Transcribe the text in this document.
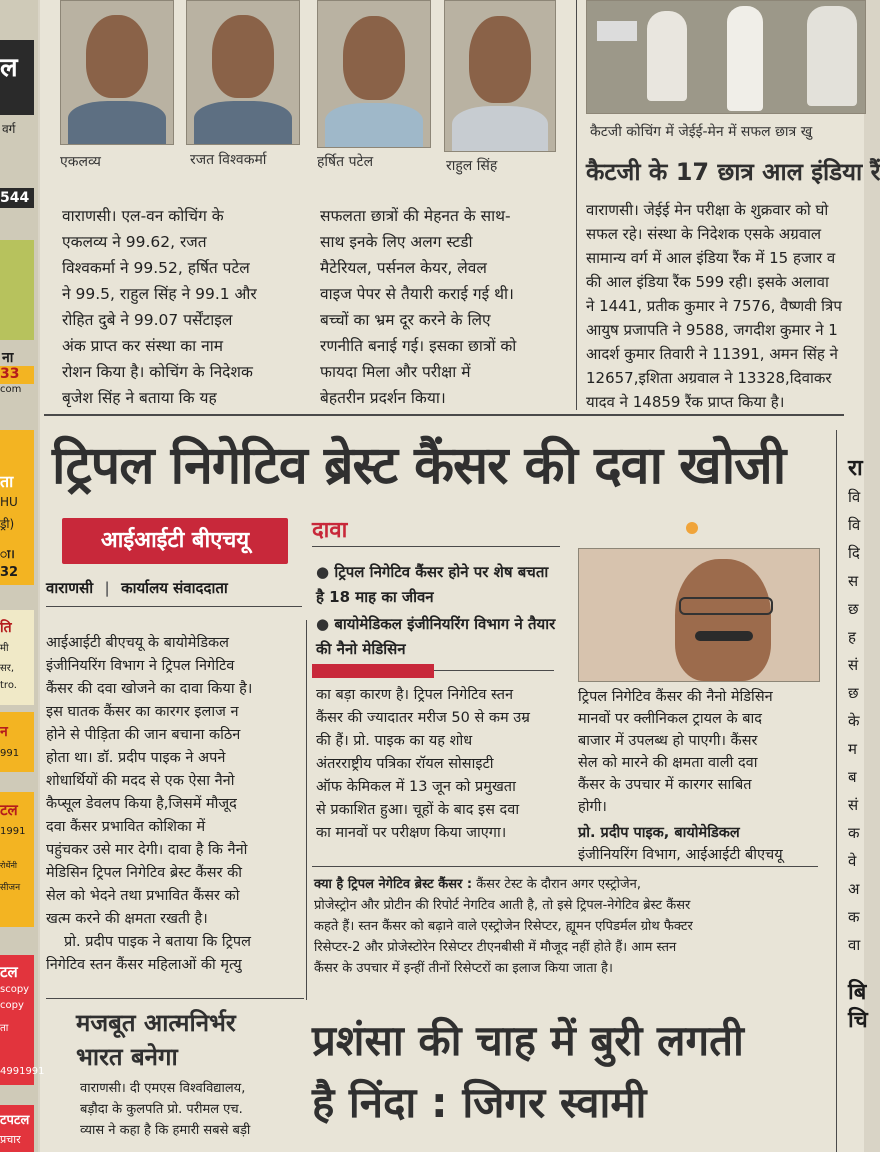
ल
वर्ग
544
ना
33
com
ता
HU
ड्री)
ा।
32
ति
मी
सर,
tro.
न
991
टल
1991
रोर्थेनी
सीजन
टल
scopy
copy
ता
4991991
टपटल
प्रचार
एकलव्य	रजत विश्वकर्मा	हर्षित पटेल	राहुल सिंह

वाराणसी। एल-वन कोचिंग के

एकलव्य ने 99.62, रजत

विश्वकर्मा ने 99.52, हर्षित पटेल

ने 99.5, राहुल सिंह ने 99.1 और

रोहित दुबे ने 99.07 पर्सेंटाइल

अंक प्राप्त कर संस्था का नाम

रोशन किया है। कोचिंग के निदेशक

बृजेश सिंह ने बताया कि यह

सफलता छात्रों की मेहनत के साथ-

साथ इनके लिए अलग स्टडी

मैटेरियल, पर्सनल केयर, लेवल

वाइज पेपर से तैयारी कराई गई थी।

बच्चों का भ्रम दूर करने के लिए

रणनीति बनाई गई। इसका छात्रों को

फायदा मिला और परीक्षा में

बेहतरीन प्रदर्शन किया।

कैटजी कोचिंग में जेईई-मेन में सफल छात्र खु
कैटजी के 17 छात्र आल इंडिया रैं

वाराणसी। जेईई मेन परीक्षा के शुक्रवार को घो

सफल रहे। संस्था के निदेशक एसके अग्रवाल

सामान्य वर्ग में आल इंडिया रैंक में 15 हजार व

की आल इंडिया रैंक 599 रही। इसके अलावा

ने 1441, प्रतीक कुमार ने 7576, वैष्णवी त्रिप

आयुष प्रजापति ने 9588, जगदीश कुमार ने 1

आदर्श कुमार तिवारी ने 11391, अमन सिंह ने

12657,इशिता अग्रवाल ने 13328,दिवाकर

यादव ने 14859 रैंक प्राप्त किया है।

ट्रिपल निगेटिव ब्रेस्ट कैंसर की दवा खोजी
आईआईटी बीएचयू
वाराणसी | कार्यालय संवाददाता

आईआईटी बीएचयू के बायोमेडिकल

इंजीनियरिंग विभाग ने ट्रिपल निगेटिव

कैंसर की दवा खोजने का दावा किया है।

इस घातक कैंसर का कारगर इलाज न

होने से पीड़िता की जान बचाना कठिन

होता था। डॉ. प्रदीप पाइक ने अपने

शोधार्थियों की मदद से एक ऐसा नैनो

कैप्सूल डेवलप किया है,जिसमें मौजूद

दवा कैंसर प्रभावित कोशिका में

पहुंचकर उसे मार देगी। दावा है कि नैनो

मेडिसिन ट्रिपल निगेटिव ब्रेस्ट कैंसर की

सेल को भेदने तथा प्रभावित कैंसर को

खत्म करने की क्षमता रखती है।

प्रो. प्रदीप पाइक ने बताया कि ट्रिपल

निगेटिव स्तन कैंसर महिलाओं की मृत्यु

दावा
● ट्रिपल निगेटिव कैंसर होने पर शेष बचता है 18 माह का जीवन
● बायोमेडिकल इंजीनियरिंग विभाग ने तैयार की नैनो मेडिसिन

का बड़ा कारण है। ट्रिपल निगेटिव स्तन

कैंसर की ज्यादातर मरीज 50 से कम उम्र

की हैं। प्रो. पाइक का यह शोध

अंतरराष्ट्रीय पत्रिका रॉयल सोसाइटी

ऑफ केमिकल में 13 जून को प्रमुखता

से प्रकाशित हुआ। चूहों के बाद इस दवा

का मानवों पर परीक्षण किया जाएगा।

ट्रिपल निगेटिव कैंसर की नैनो मेडिसिन
मानवों पर क्लीनिकल ट्रायल के बाद
बाजार में उपलब्ध हो पाएगी। कैंसर
सेल को मारने की क्षमता वाली दवा
कैंसर के उपचार में कारगर साबित
होगी।
प्रो. प्रदीप पाइक, बायोमेडिकल
इंजीनियरिंग विभाग, आईआईटी बीएचयू
क्या है ट्रिपल नेगेटिव ब्रेस्ट कैंसर : कैंसर टेस्ट के दौरान अगर एस्ट्रोजेन,
प्रोजेस्ट्रोन और प्रोटीन की रिपोर्ट नेगटिव आती है, तो इसे ट्रिपल-नेगेटिव ब्रेस्ट कैंसर
कहते हैं। स्तन कैंसर को बढ़ाने वाले एस्ट्रोजेन रिसेप्टर, ह्यूमन एपिडर्मल ग्रोथ फैक्टर
रिसेप्टर-2 और प्रोजेस्टोरेन रिसेप्टर टीएनबीसी में मौजूद नहीं होते हैं। आम स्तन
कैंसर के उपचार में इन्हीं तीनों रिसेप्टरों का इलाज किया जाता है।
मजबूत आत्मनिर्भर
भारत बनेगा

वाराणसी। दी एमएस विश्वविद्यालय,

बड़ौदा के कुलपति प्रो. परीमल एच.

व्यास ने कहा है कि हमारी सबसे बड़ी

प्रशंसा की चाह में बुरी लगती
है निंदा : जिगर स्वामी
रा
वि
वि
दि
स
छ
ह
सं
छ
के
म
ब
सं
क
वे
अ
क
वा
बि
चि
